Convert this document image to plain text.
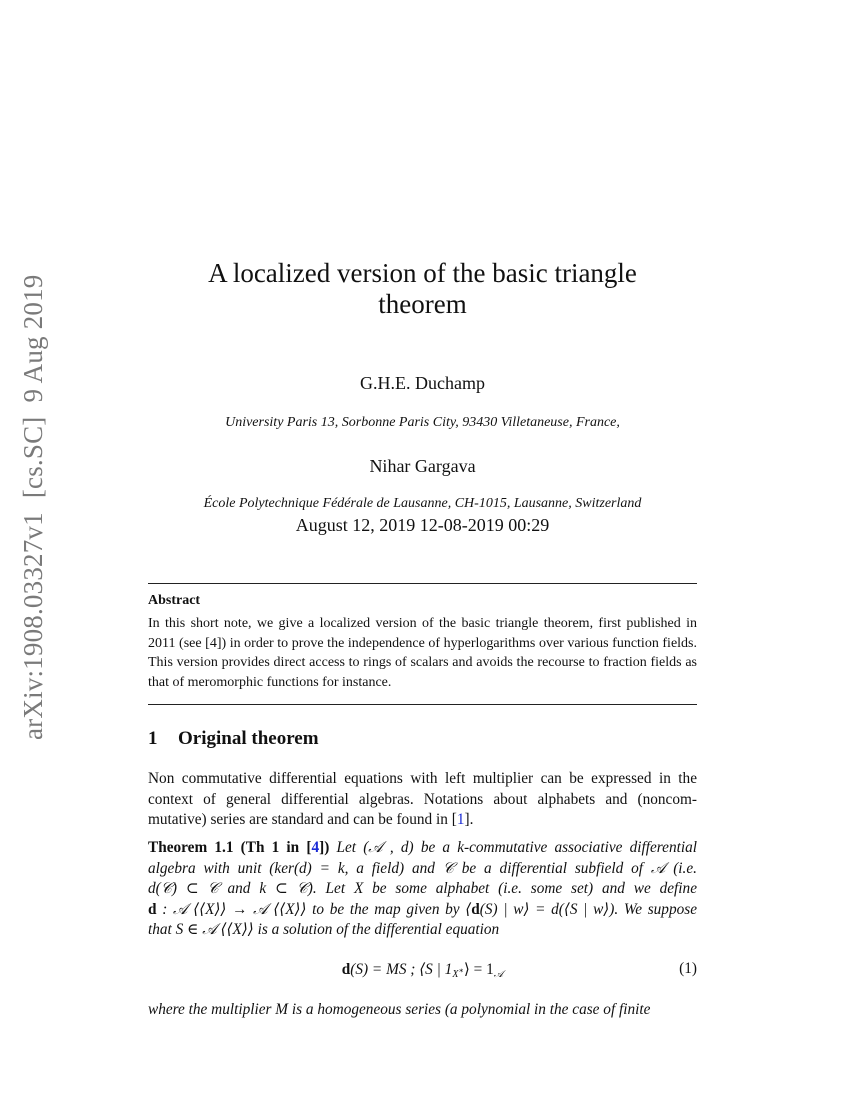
arXiv:1908.03327v1[cs.SC]9 Aug 2019
A localized version of the basic triangle
theorem
G.H.E. Duchamp
University Paris 13, Sorbonne Paris City, 93430 Villetaneuse, France,
Nihar Gargava
École Polytechnique Fédérale de Lausanne, CH-1015, Lausanne, Switzerland
August 12, 2019 12-08-2019 00:29
Abstract
In this short note, we give a localized version of the basic triangle theorem, first published in 2011 (see [4]) in order to prove the independence of hyperlogarithms over various function fields. This version provides direct access to rings of scalars and avoids the recourse to fraction fields as that of meromorphic functions for instance.
1 Original theorem
Non commutative differential equations with left multiplier can be expressed in the
context of general differential algebras. Notations about alphabets and (noncom-
mutative) series are standard and can be found in [1].
Theorem 1.1 (Th 1 in [4]) Let (𝒜 , d) be a k-commutative associative differential
algebra with unit (ker(d) = k, a field) and 𝒞 be a differential subfield of 𝒜 (i.e.
d(𝒞) ⊂ 𝒞 and k ⊂ 𝒞). Let X be some alphabet (i.e. some set) and we define
d : 𝒜 ⟨⟨X⟩⟩ → 𝒜 ⟨⟨X⟩⟩ to be the map given by ⟨d(S) | w⟩ = d(⟨S | w⟩). We suppose
that S ∈ 𝒜 ⟨⟨X⟩⟩ is a solution of the differential equation
d(S) = MS ; ⟨S | $1_{X^∗}⟩ = 1_𝒜$	(1)
where the multiplier M is a homogeneous series (a polynomial in the case of finite
